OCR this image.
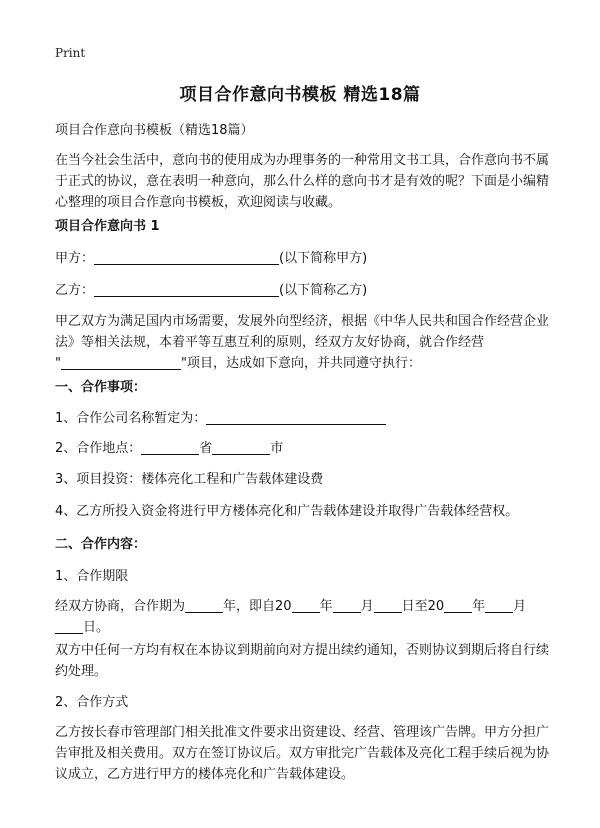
Print
项目合作意向书模板 精选18篇

项目合作意向书模板（精选18篇）

在当今社会生活中，意向书的使用成为办理事务的一种常用文书工具，合作意向书不属于正式的协议，意在表明一种意向，那么什么样的意向书才是有效的呢？下面是小编精心整理的项目合作意向书模板，欢迎阅读与收藏。

项目合作意向书 1

甲方：	(以下简称甲方)

乙方：	(以下简称乙方)

甲乙双方为满足国内市场需要，发展外向型经济，根据《中华人民共和国合作经营企业法》等相关法规，本着平等互惠互利的原则，经双方友好协商，就合作经营
"	"项目，达成如下意向，并共同遵守执行：

一、合作事项：

1、合作公司名称暂定为：

2、合作地点：	省	市

3、项目投资：楼体亮化工程和广告载体建设费

4、乙方所投入资金将进行甲方楼体亮化和广告载体建设并取得广告载体经营权。

二、合作内容：

1、合作期限

经双方协商，合作期为	年，即自20 年 月 日至20 年 月
日。

双方中任何一方均有权在本协议到期前向对方提出续约通知，否则协议到期后将自行续约处理。

2、合作方式

乙方按长春市管理部门相关批准文件要求出资建设、经营、管理该广告牌。甲方分担广告审批及相关费用。双方在签订协议后。双方审批完广告载体及亮化工程手续后视为协议成立，乙方进行甲方的楼体亮化和广告载体建设。
